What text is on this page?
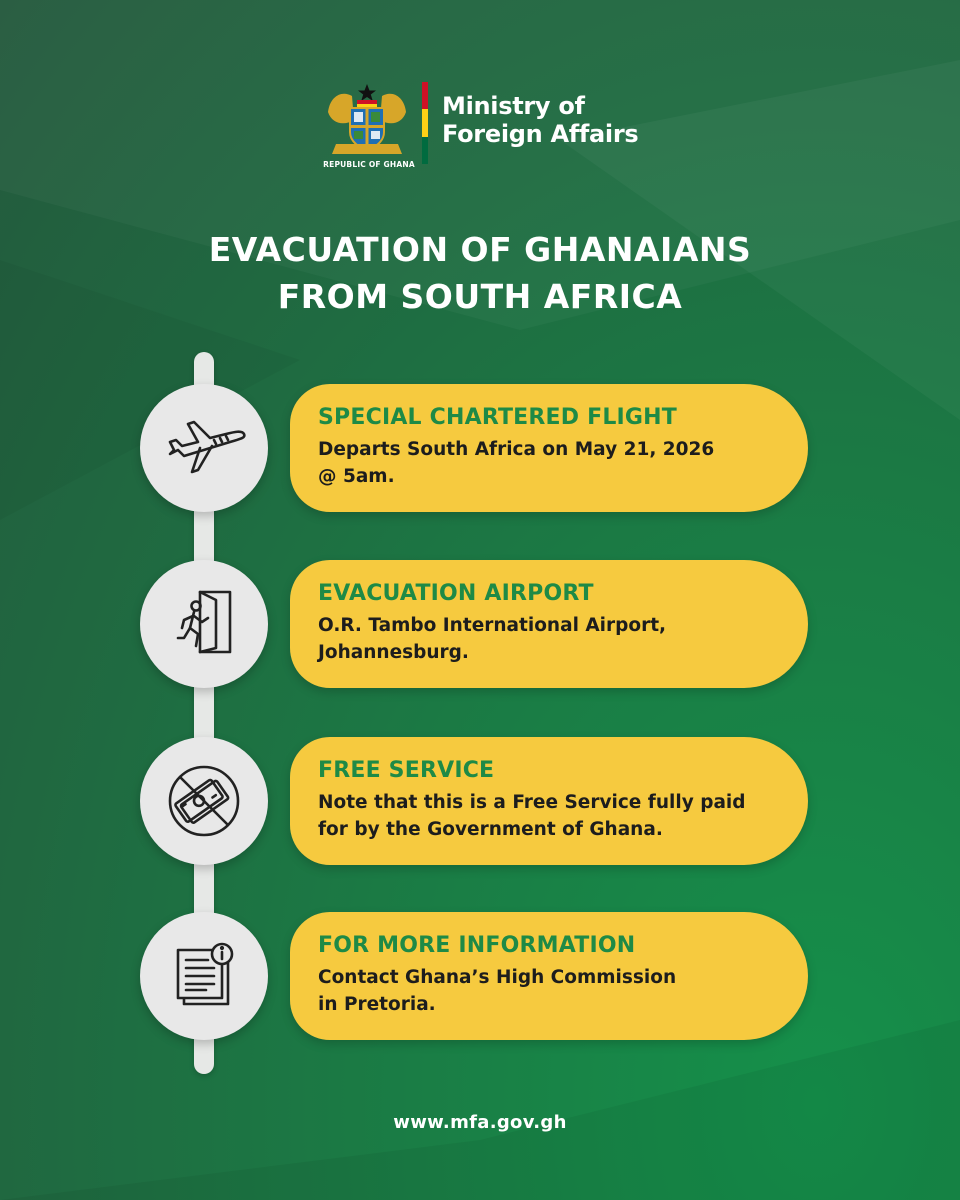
REPUBLIC OF GHANA
Ministry of
Foreign Affairs
EVACUATION OF GHANAIANS
FROM SOUTH AFRICA
SPECIAL CHARTERED FLIGHT
Departs South Africa on May 21, 2026
@ 5am.
EVACUATION AIRPORT
O.R. Tambo International Airport,
Johannesburg.
FREE SERVICE
Note that this is a Free Service fully paid
for by the Government of Ghana.
FOR MORE INFORMATION
Contact Ghana’s High Commission
in Pretoria.
www.mfa.gov.gh
